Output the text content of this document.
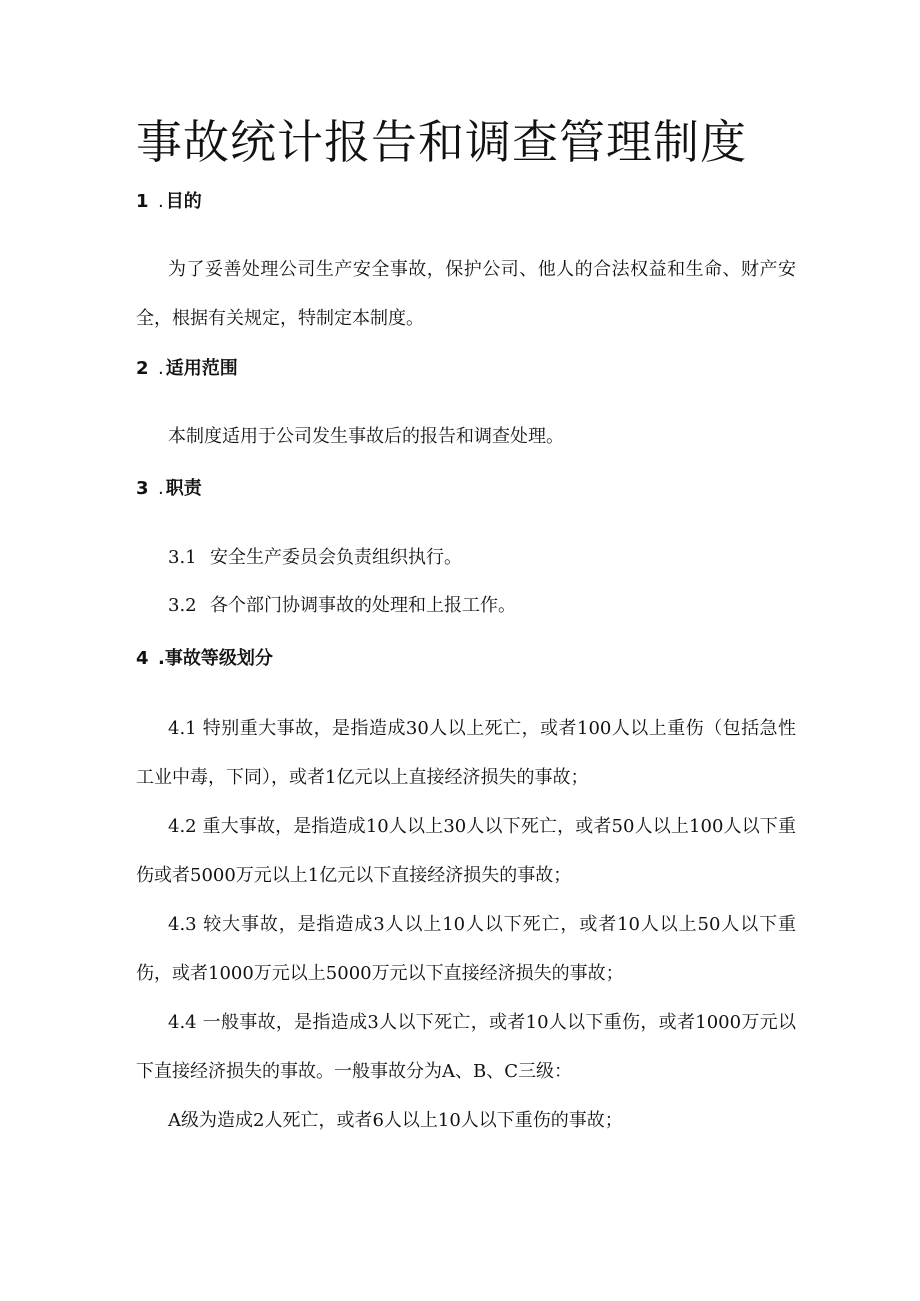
事故统计报告和调查管理制度
1 . 目的

为了妥善处理公司生产安全事故，保护公司、他人的合法权益和生命、财产安全，根据有关规定，特制定本制度。

2 . 适用范围

本制度适用于公司发生事故后的报告和调查处理。

3 . 职责
3.1 安全生产委员会负责组织执行。
3.2 各个部门协调事故的处理和上报工作。
4 .事故等级划分

4.1 特别重大事故，是指造成30人以上死亡，或者100人以上重伤（包括急性工业中毒，下同），或者1亿元以上直接经济损失的事故；

4.2 重大事故，是指造成10人以上30人以下死亡，或者50人以上100人以下重伤或者5000万元以上1亿元以下直接经济损失的事故；

4.3 较大事故，是指造成3人以上10人以下死亡，或者10人以上50人以下重伤，或者1000万元以上5000万元以下直接经济损失的事故；

4.4 一般事故，是指造成3人以下死亡，或者10人以下重伤，或者1000万元以下直接经济损失的事故。一般事故分为A、B、C三级：

A级为造成2人死亡，或者6人以上10人以下重伤的事故；
